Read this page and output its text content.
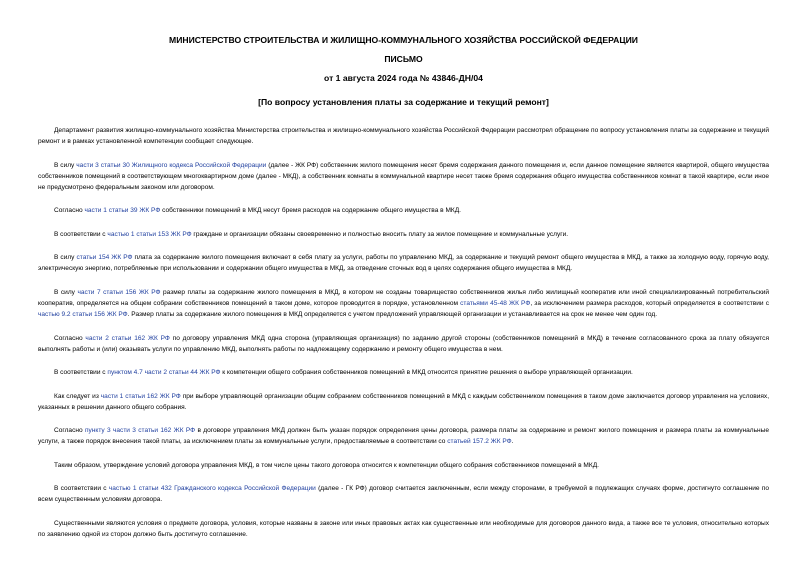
МИНИСТЕРСТВО СТРОИТЕЛЬСТВА И ЖИЛИЩНО-КОММУНАЛЬНОГО ХОЗЯЙСТВА РОССИЙСКОЙ ФЕДЕРАЦИИ

ПИСЬМО

от 1 августа 2024 года № 43846-ДН/04

[По вопросу установления платы за содержание и текущий ремонт]

Департамент развития жилищно-коммунального хозяйства Министерства строительства и жилищно-коммунального хозяйства Российской Федерации рассмотрел обращение по вопросу установления платы за содержание и текущий ремонт и в рамках установленной компетенции сообщает следующее.

В силу части 3 статьи 30 Жилищного кодекса Российской Федерации (далее - ЖК РФ) собственник жилого помещения несет бремя содержания данного помещения и, если данное помещение является квартирой, общего имущества собственников помещений в соответствующем многоквартирном доме (далее - МКД), а собственник комнаты в коммунальной квартире несет также бремя содержания общего имущества собственников комнат в такой квартире, если иное не предусмотрено федеральным законом или договором.

Согласно части 1 статьи 39 ЖК РФ собственники помещений в МКД несут бремя расходов на содержание общего имущества в МКД.

В соответствии с частью 1 статьи 153 ЖК РФ граждане и организации обязаны своевременно и полностью вносить плату за жилое помещение и коммунальные услуги.

В силу статьи 154 ЖК РФ плата за содержание жилого помещения включает в себя плату за услуги, работы по управлению МКД, за содержание и текущий ремонт общего имущества в МКД, а также за холодную воду, горячую воду, электрическую энергию, потребляемые при использовании и содержании общего имущества в МКД, за отведение сточных вод в целях содержания общего имущества в МКД.

В силу части 7 статьи 156 ЖК РФ размер платы за содержание жилого помещения в МКД, в котором не созданы товарищество собственников жилья либо жилищный кооператив или иной специализированный потребительский кооператив, определяется на общем собрании собственников помещений в таком доме, которое проводится в порядке, установленном статьями 45-48 ЖК РФ, за исключением размера расходов, который определяется в соответствии с частью 9.2 статьи 156 ЖК РФ. Размер платы за содержание жилого помещения в МКД определяется с учетом предложений управляющей организации и устанавливается на срок не менее чем один год.

Согласно части 2 статьи 162 ЖК РФ по договору управления МКД одна сторона (управляющая организация) по заданию другой стороны (собственников помещений в МКД) в течение согласованного срока за плату обязуется выполнять работы и (или) оказывать услуги по управлению МКД, выполнять работы по надлежащему содержанию и ремонту общего имущества в нем.

В соответствии с пунктом 4.7 части 2 статьи 44 ЖК РФ к компетенции общего собрания собственников помещений в МКД относится принятие решения о выборе управляющей организации.

Как следует из части 1 статьи 162 ЖК РФ при выборе управляющей организации общим собранием собственников помещений в МКД с каждым собственником помещения в таком доме заключается договор управления на условиях, указанных в решении данного общего собрания.

Согласно пункту 3 части 3 статьи 162 ЖК РФ в договоре управления МКД должен быть указан порядок определения цены договора, размера платы за содержание и ремонт жилого помещения и размера платы за коммунальные услуги, а также порядок внесения такой платы, за исключением платы за коммунальные услуги, предоставляемые в соответствии со статьей 157.2 ЖК РФ.

Таким образом, утверждение условий договора управления МКД, в том числе цены такого договора относится к компетенции общего собрания собственников помещений в МКД.

В соответствии с частью 1 статьи 432 Гражданского кодекса Российской Федерации (далее - ГК РФ) договор считается заключенным, если между сторонами, в требуемой в подлежащих случаях форме, достигнуто соглашение по всем существенным условиям договора.

Существенными являются условия о предмете договора, условия, которые названы в законе или иных правовых актах как существенные или необходимые для договоров данного вида, а также все те условия, относительно которых по заявлению одной из сторон должно быть достигнуто соглашение.
